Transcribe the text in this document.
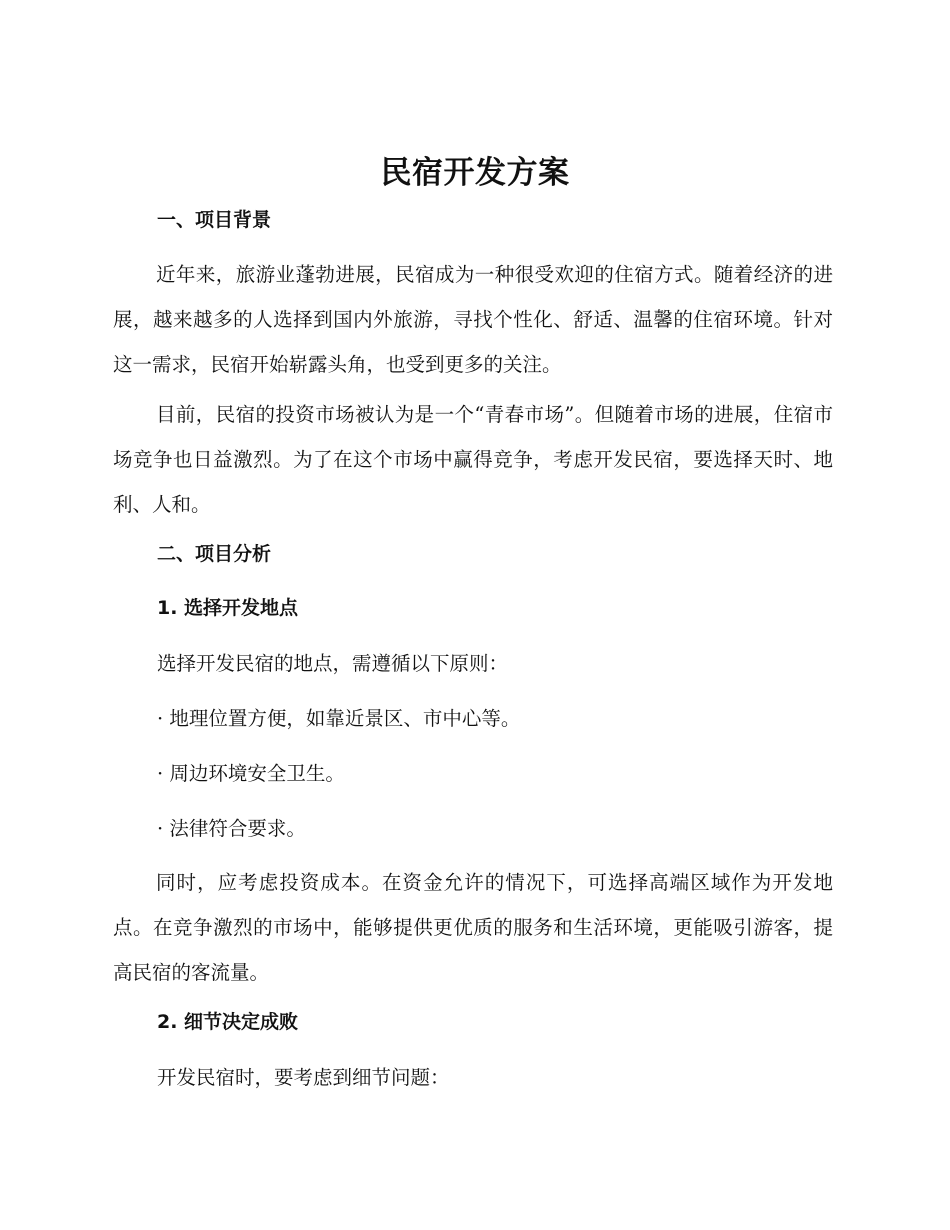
民宿开发方案
一、项目背景

近年来，旅游业蓬勃进展，民宿成为一种很受欢迎的住宿方式。随着经济的进展，越来越多的人选择到国内外旅游，寻找个性化、舒适、温馨的住宿环境。针对这一需求，民宿开始崭露头角，也受到更多的关注。

目前，民宿的投资市场被认为是一个“青春市场”。但随着市场的进展，住宿市场竞争也日益激烈。为了在这个市场中赢得竞争，考虑开发民宿，要选择天时、地利、人和。

二、项目分析
1. 选择开发地点

选择开发民宿的地点，需遵循以下原则：

· 地理位置方便，如靠近景区、市中心等。

· 周边环境安全卫生。

· 法律符合要求。

同时，应考虑投资成本。在资金允许的情况下，可选择高端区域作为开发地点。在竞争激烈的市场中，能够提供更优质的服务和生活环境，更能吸引游客，提高民宿的客流量。

2. 细节决定成败

开发民宿时，要考虑到细节问题：
